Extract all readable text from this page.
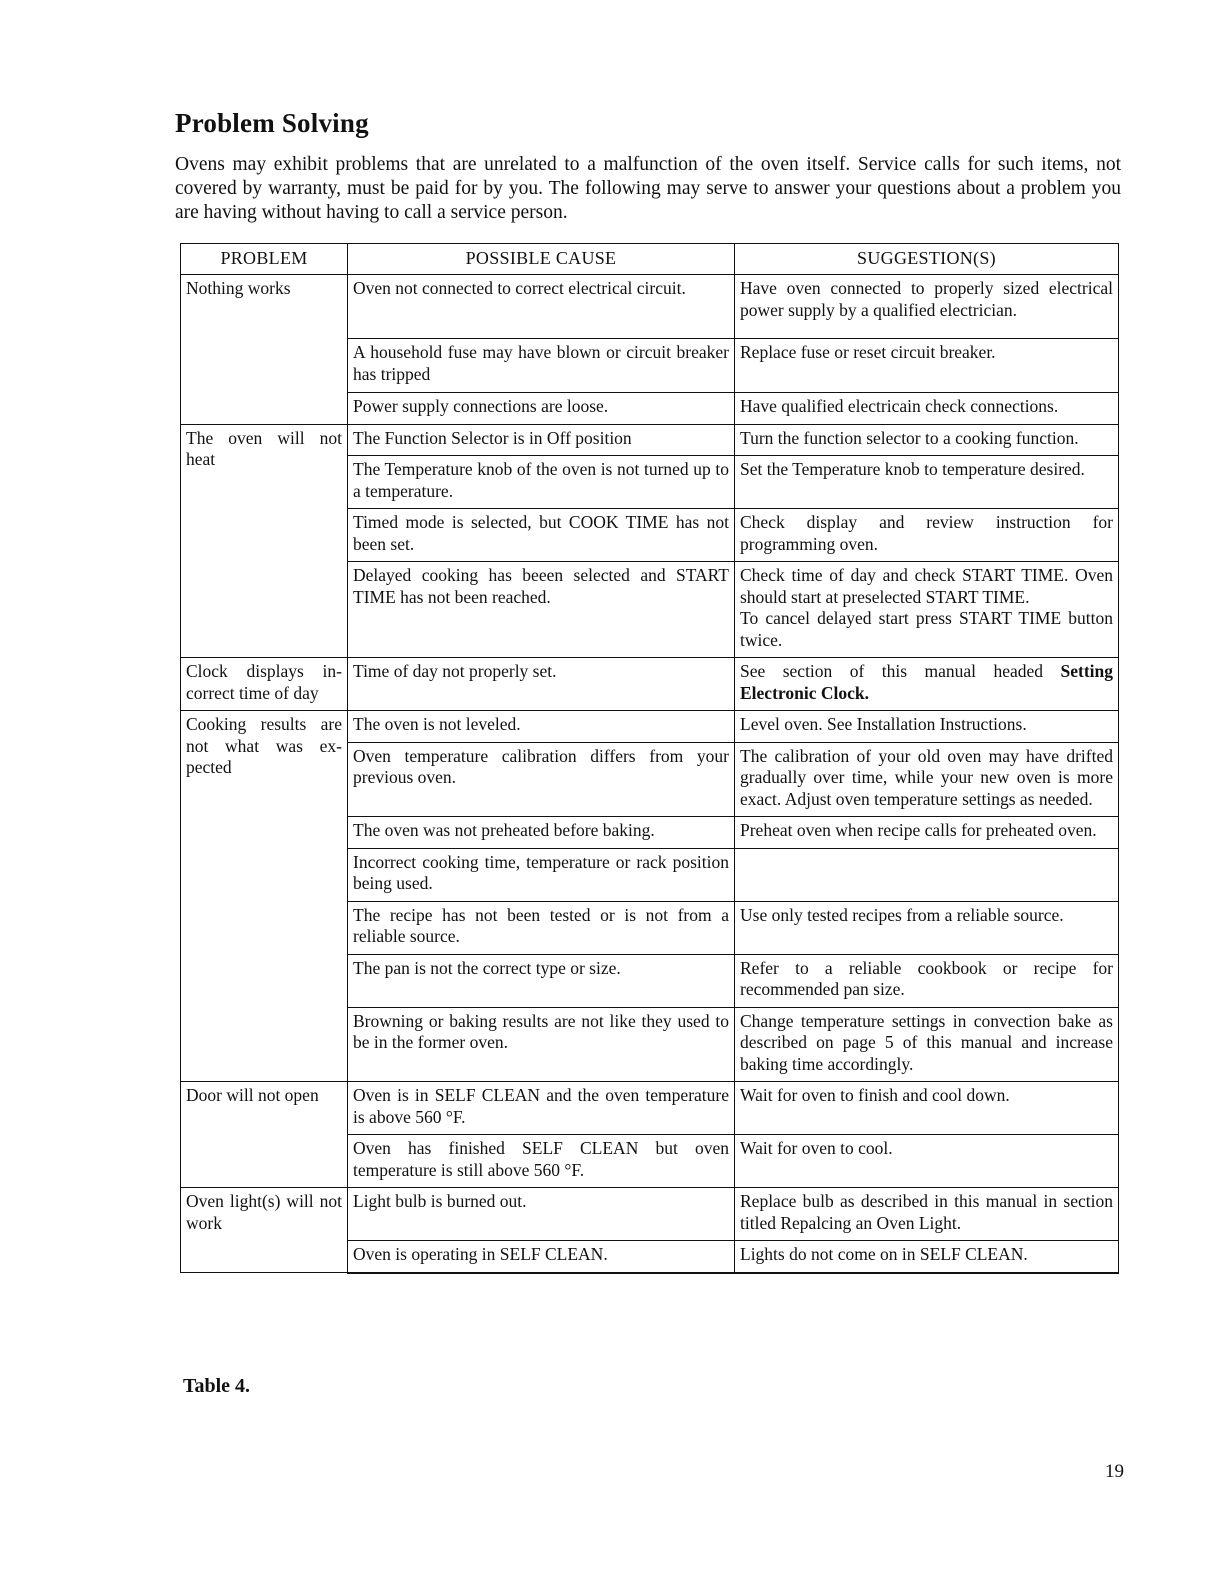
Problem Solving

Ovens may exhibit problems that are unrelated to a malfunction of the oven itself. Service calls for such items, not covered by warranty, must be paid for by you. The following may serve to answer your questions about a problem you are having without having to call a service person.

PROBLEM	POSSIBLE CAUSE	SUGGESTION(S)
Nothing works	Oven not connected to correct electrical circuit.	Have oven connected to properly sized electrical power supply by a qualified electrician.
	A household fuse may have blown or circuit breaker has tripped	Replace fuse or reset circuit breaker.
	Power supply connections are loose.	Have qualified electricain check connections.
The oven will not heat	The Function Selector is in Off position	Turn the function selector to a cooking function.
	The Temperature knob of the oven is not turned up to a temperature.	Set the Temperature knob to temperature desired.
	Timed mode is selected, but COOK TIME has not been set.	Check display and review instruction for programming oven.
	Delayed cooking has beeen selected and START TIME has not been reached.	Check time of day and check START TIME. Oven should start at preselected START TIME.
To cancel delayed start press START TIME button twice.

Clock displays in-correct time of day	Time of day not properly set.	See section of this manual headed Setting Electronic Clock.
Cooking results are not what was ex-pected	The oven is not leveled.	Level oven. See Installation Instructions.
	Oven temperature calibration differs from your previous oven.	The calibration of your old oven may have drifted gradually over time, while your new oven is more exact. Adjust oven temperature settings as needed.
	The oven was not preheated before baking.	Preheat oven when recipe calls for preheated oven.
	Incorrect cooking time, temperature or rack position being used.	
	The recipe has not been tested or is not from a reliable source.	Use only tested recipes from a reliable source.
	The pan is not the correct type or size.	Refer to a reliable cookbook or recipe for recommended pan size.
	Browning or baking results are not like they used to be in the former oven.	Change temperature settings in convection bake as described on page 5 of this manual and increase baking time accordingly.
Door will not open	Oven is in SELF CLEAN and the oven temperature is above 560 °F.	Wait for oven to finish and cool down.
	Oven has finished SELF CLEAN but oven temperature is still above 560 °F.	Wait for oven to cool.
Oven light(s) will not work	Light bulb is burned out.	Replace bulb as described in this manual in section titled Repalcing an Oven Light.
	Oven is operating in SELF CLEAN.	Lights do not come on in SELF CLEAN.

Table 4.

19
